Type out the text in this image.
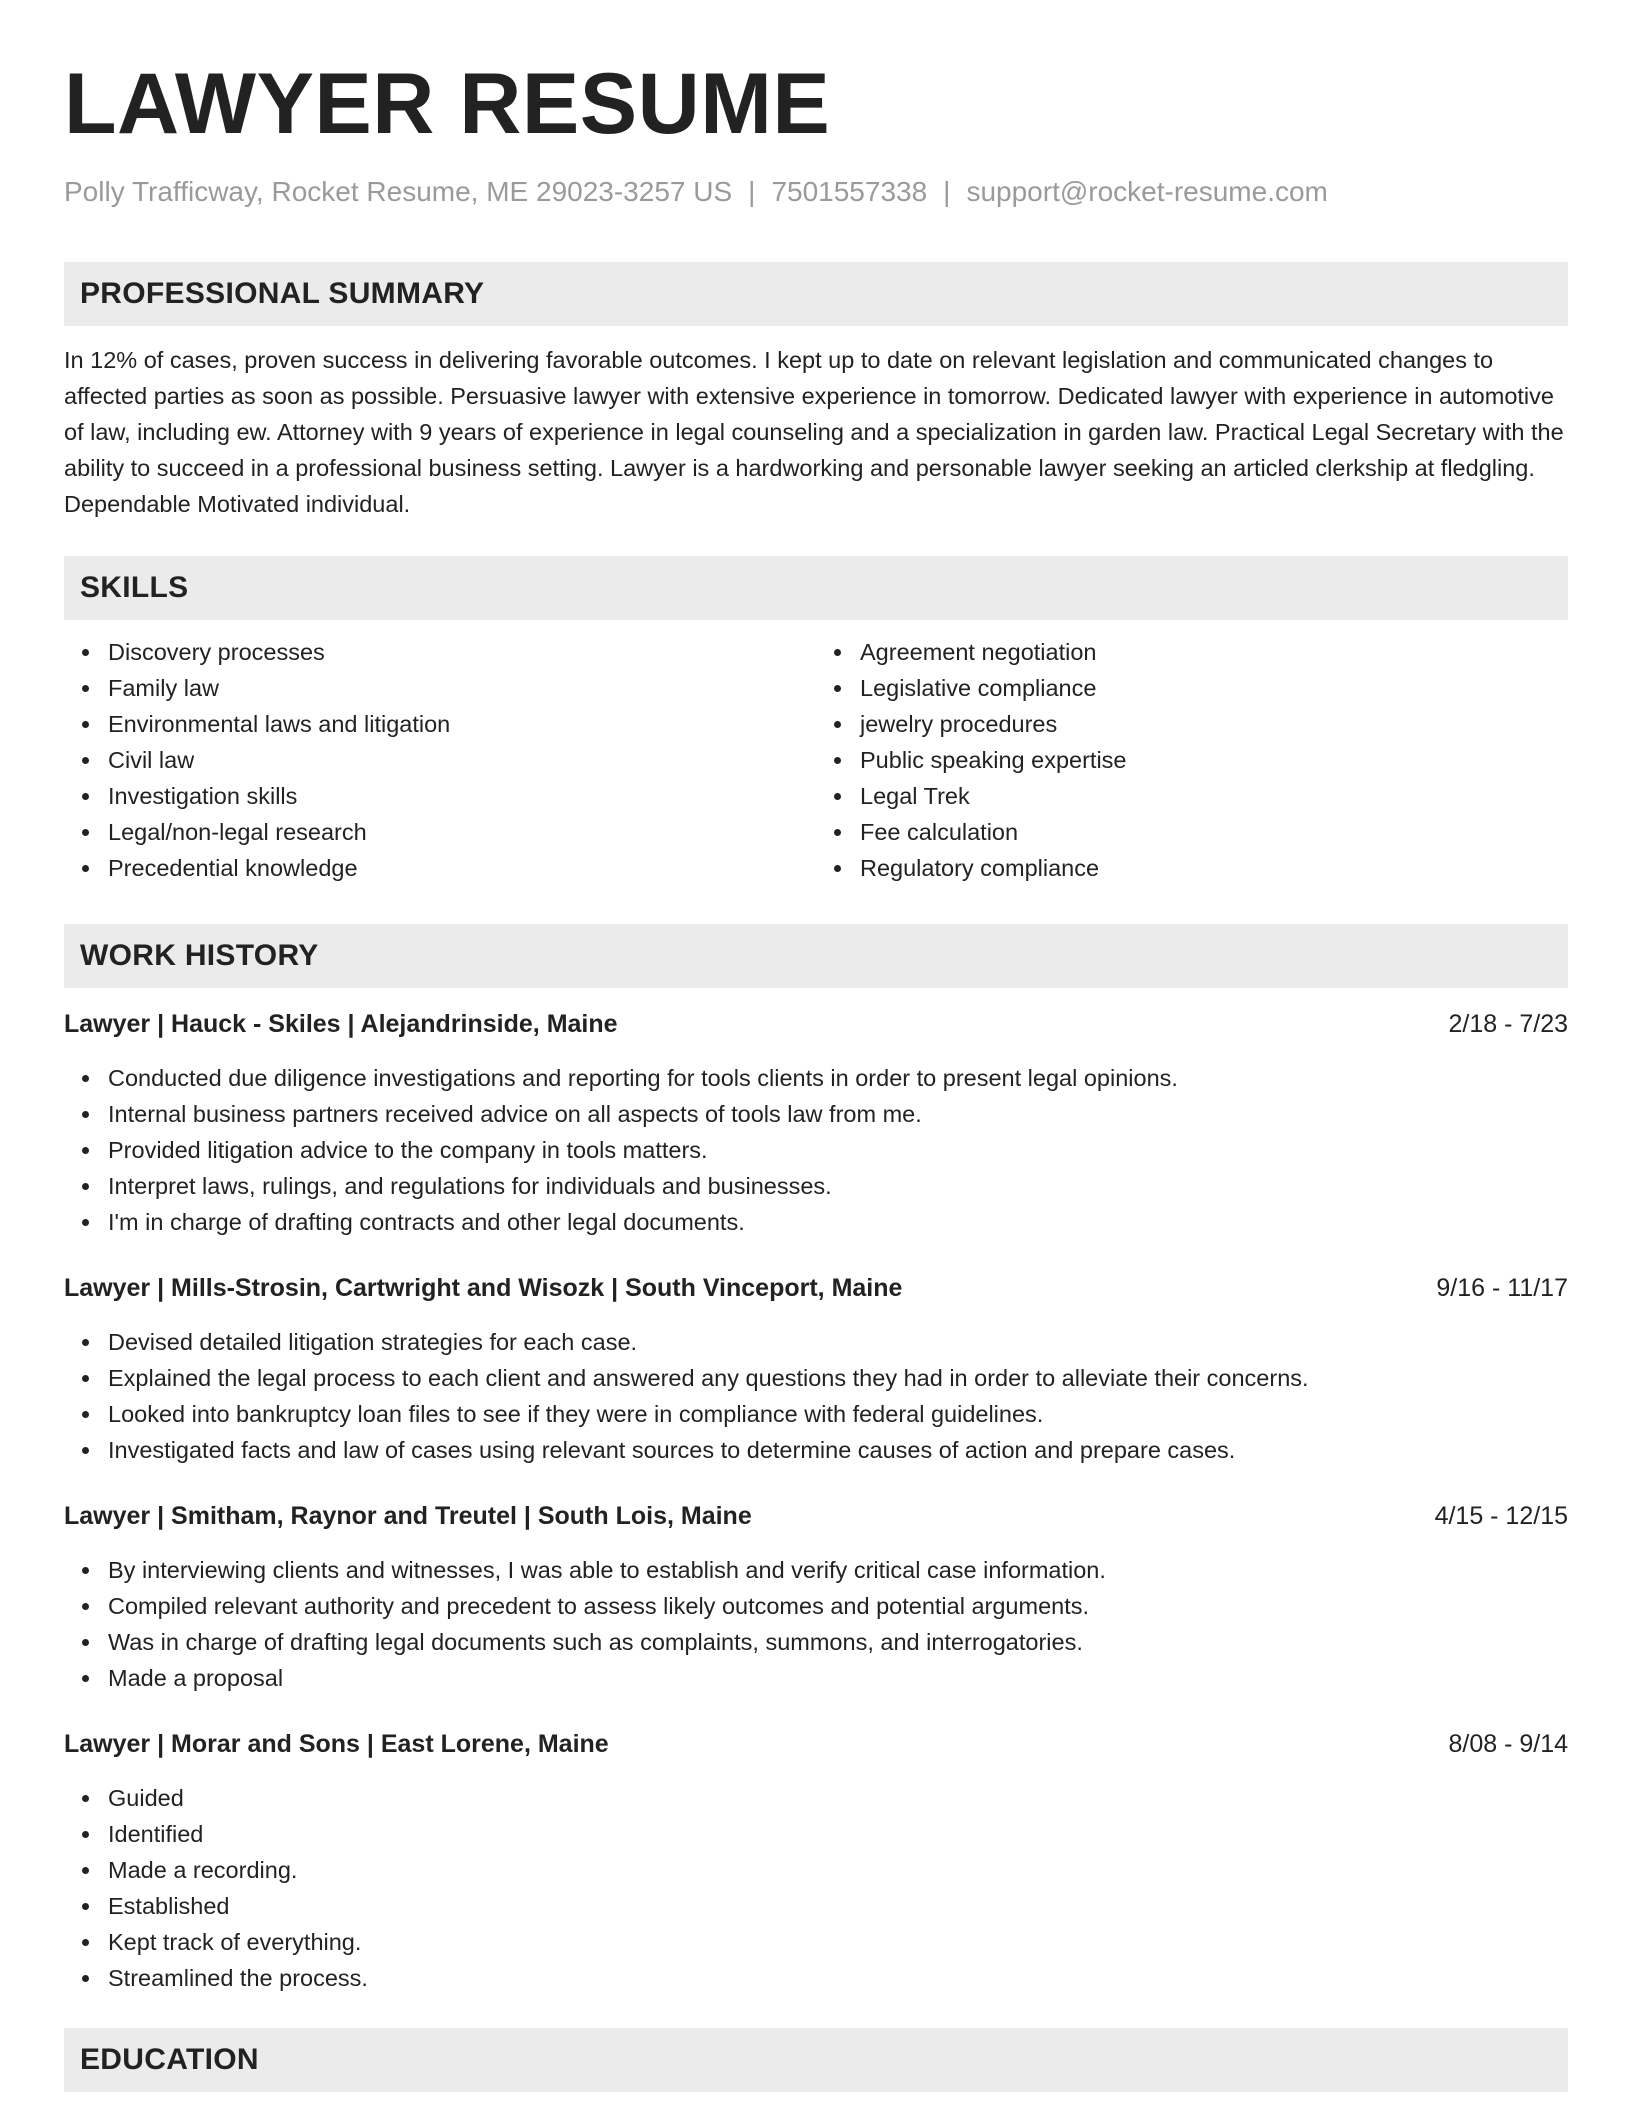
LAWYER RESUME
Polly Trafficway, Rocket Resume, ME 29023-3257 US | 7501557338 | support@rocket-resume.com
PROFESSIONAL SUMMARY

In 12% of cases, proven success in delivering favorable outcomes. I kept up to date on relevant legislation and communicated changes to affected parties as soon as possible. Persuasive lawyer with extensive experience in tomorrow. Dedicated lawyer with experience in automotive of law, including ew. Attorney with 9 years of experience in legal counseling and a specialization in garden law. Practical Legal Secretary with the ability to succeed in a professional business setting. Lawyer is a hardworking and personable lawyer seeking an articled clerkship at fledgling. Dependable Motivated individual.

SKILLS
Discovery processes
Family law
Environmental laws and litigation
Civil law
Investigation skills
Legal/non-legal research
Precedential knowledge
Agreement negotiation
Legislative compliance
jewelry procedures
Public speaking expertise
Legal Trek
Fee calculation
Regulatory compliance
WORK HISTORY
Lawyer | Hauck - Skiles | Alejandrinside, Maine	2/18 - 7/23
Conducted due diligence investigations and reporting for tools clients in order to present legal opinions.
Internal business partners received advice on all aspects of tools law from me.
Provided litigation advice to the company in tools matters.
Interpret laws, rulings, and regulations for individuals and businesses.
I'm in charge of drafting contracts and other legal documents.
Lawyer | Mills-Strosin, Cartwright and Wisozk | South Vinceport, Maine	9/16 - 11/17
Devised detailed litigation strategies for each case.
Explained the legal process to each client and answered any questions they had in order to alleviate their concerns.
Looked into bankruptcy loan files to see if they were in compliance with federal guidelines.
Investigated facts and law of cases using relevant sources to determine causes of action and prepare cases.
Lawyer | Smitham, Raynor and Treutel | South Lois, Maine	4/15 - 12/15
By interviewing clients and witnesses, I was able to establish and verify critical case information.
Compiled relevant authority and precedent to assess likely outcomes and potential arguments.
Was in charge of drafting legal documents such as complaints, summons, and interrogatories.
Made a proposal
Lawyer | Morar and Sons | East Lorene, Maine	8/08 - 9/14
Guided
Identified
Made a recording.
Established
Kept track of everything.
Streamlined the process.
EDUCATION
